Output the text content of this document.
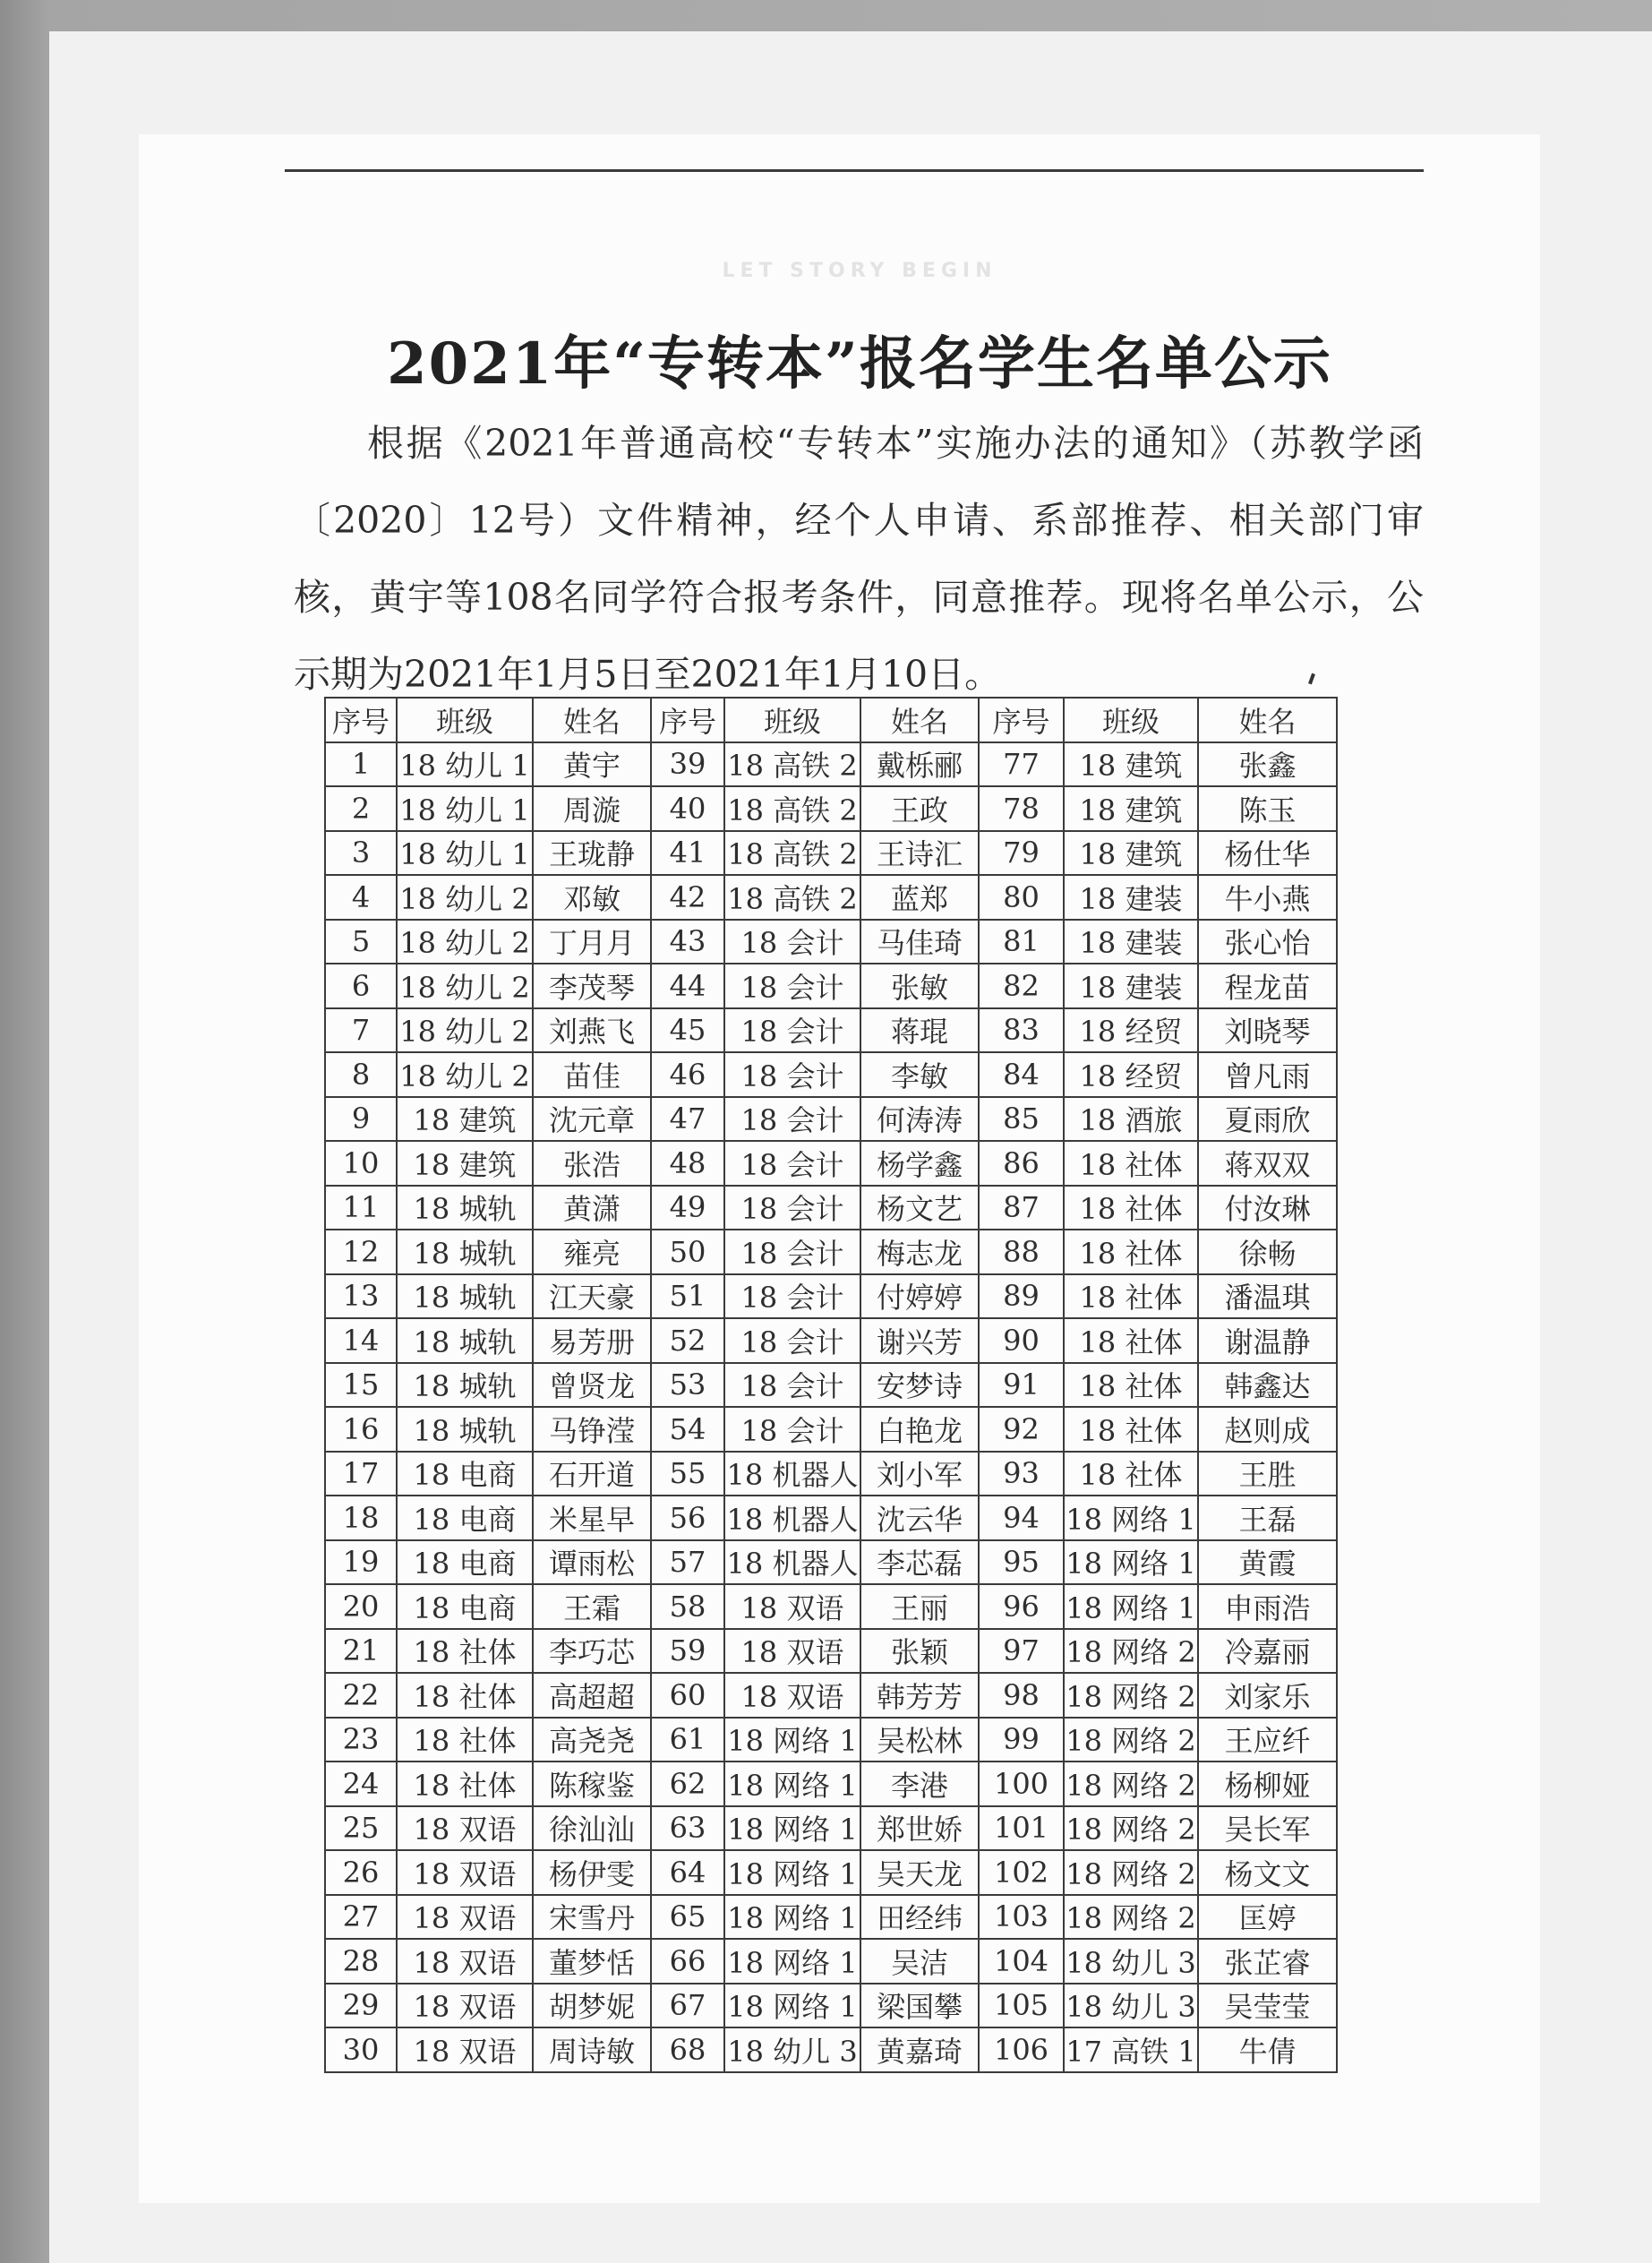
LET STORY BEGIN
2021年“专转本”报名学生名单公示

根据《2021年普通高校“专转本”实施办法的通知》（苏教学函〔2020〕12号）文件精神，经个人申请、系部推荐、相关部门审核，黄宇等108名同学符合报考条件，同意推荐。现将名单公示，公示期为2021年1月5日至2021年1月10日。

序号	班级	姓名	序号	班级	姓名	序号	班级	姓名
1	18 幼儿 1	黄宇	39	18 高铁 2	戴栎郦	77	18 建筑	张鑫
2	18 幼儿 1	周漩	40	18 高铁 2	王政	78	18 建筑	陈玉
3	18 幼儿 1	王珑静	41	18 高铁 2	王诗汇	79	18 建筑	杨仕华
4	18 幼儿 2	邓敏	42	18 高铁 2	蓝郑	80	18 建装	牛小燕
5	18 幼儿 2	丁月月	43	18 会计	马佳琦	81	18 建装	张心怡
6	18 幼儿 2	李茂琴	44	18 会计	张敏	82	18 建装	程龙苗
7	18 幼儿 2	刘燕飞	45	18 会计	蒋琨	83	18 经贸	刘晓琴
8	18 幼儿 2	苗佳	46	18 会计	李敏	84	18 经贸	曾凡雨
9	18 建筑	沈元章	47	18 会计	何涛涛	85	18 酒旅	夏雨欣
10	18 建筑	张浩	48	18 会计	杨学鑫	86	18 社体	蒋双双
11	18 城轨	黄潇	49	18 会计	杨文艺	87	18 社体	付汝琳
12	18 城轨	雍亮	50	18 会计	梅志龙	88	18 社体	徐畅
13	18 城轨	江天豪	51	18 会计	付婷婷	89	18 社体	潘温琪
14	18 城轨	易芳册	52	18 会计	谢兴芳	90	18 社体	谢温静
15	18 城轨	曾贤龙	53	18 会计	安梦诗	91	18 社体	韩鑫达
16	18 城轨	马铮滢	54	18 会计	白艳龙	92	18 社体	赵则成
17	18 电商	石开道	55	18 机器人	刘小军	93	18 社体	王胜
18	18 电商	米星早	56	18 机器人	沈云华	94	18 网络 1	王磊
19	18 电商	谭雨松	57	18 机器人	李芯磊	95	18 网络 1	黄霞
20	18 电商	王霜	58	18 双语	王丽	96	18 网络 1	申雨浩
21	18 社体	李巧芯	59	18 双语	张颖	97	18 网络 2	冷嘉丽
22	18 社体	高超超	60	18 双语	韩芳芳	98	18 网络 2	刘家乐
23	18 社体	高尧尧	61	18 网络 1	吴松林	99	18 网络 2	王应纤
24	18 社体	陈稼鉴	62	18 网络 1	李港	100	18 网络 2	杨柳娅
25	18 双语	徐汕汕	63	18 网络 1	郑世娇	101	18 网络 2	吴长军
26	18 双语	杨伊雯	64	18 网络 1	吴天龙	102	18 网络 2	杨文文
27	18 双语	宋雪丹	65	18 网络 1	田经纬	103	18 网络 2	匡婷
28	18 双语	董梦恬	66	18 网络 1	吴洁	104	18 幼儿 3	张芷睿
29	18 双语	胡梦妮	67	18 网络 1	梁国攀	105	18 幼儿 3	吴莹莹
30	18 双语	周诗敏	68	18 幼儿 3	黄嘉琦	106	17 高铁 1	牛倩
